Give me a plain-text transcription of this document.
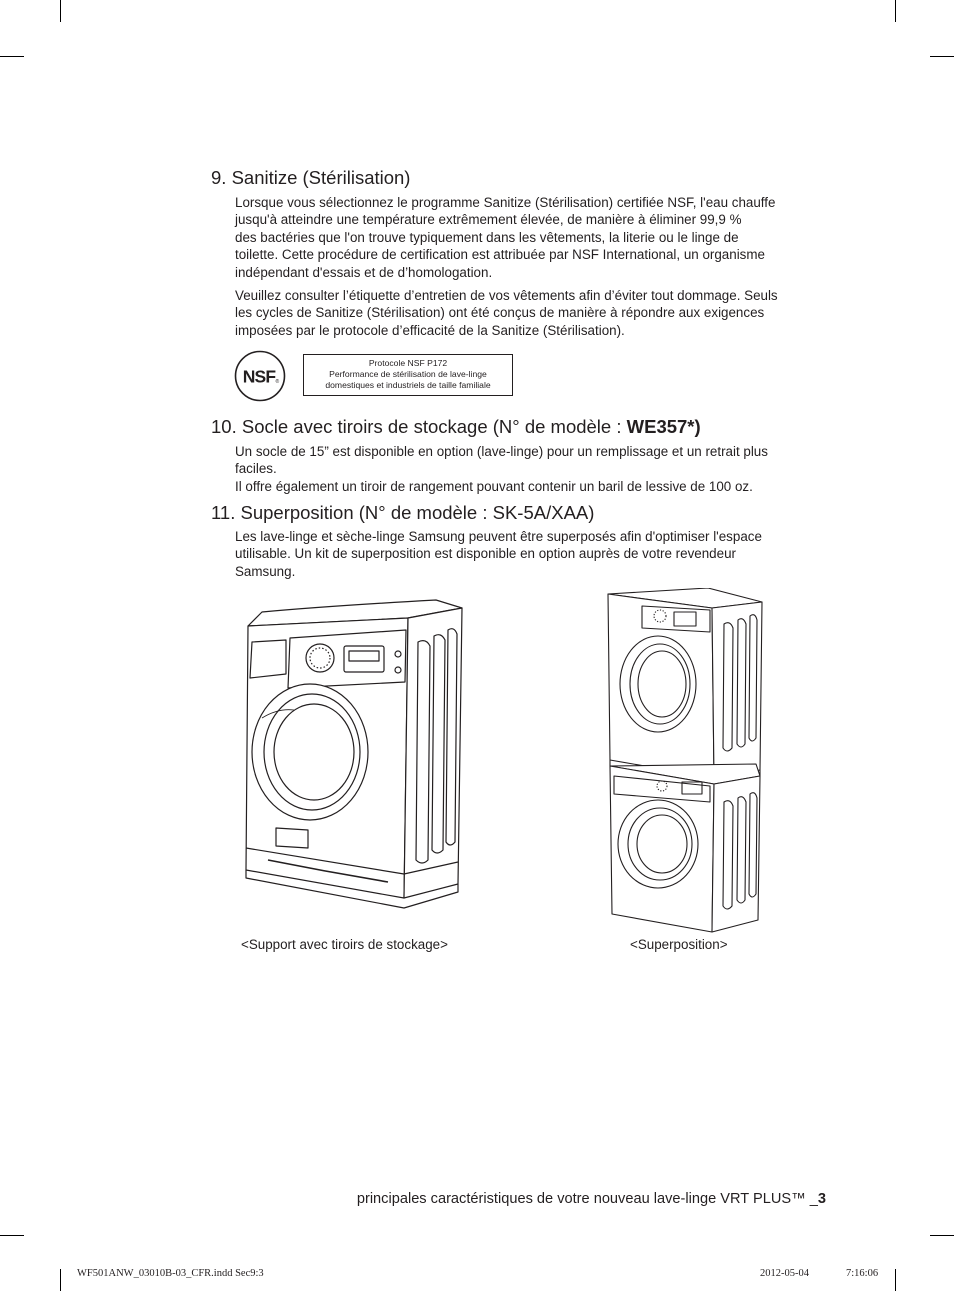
9. Sanitize (Stérilisation)

Lorsque vous sélectionnez le programme Sanitize (Stérilisation) certifiée NSF, l'eau chauffe
jusqu'à atteindre une température extrêmement élevée, de manière à éliminer 99,9 %
des bactéries que l'on trouve typiquement dans les vêtements, la literie ou le linge de
toilette. Cette procédure de certification est attribuée par NSF International, un organisme
indépendant d'essais et de d’homologation.

Veuillez consulter l’étiquette d’entretien de vos vêtements afin d’éviter tout dommage. Seuls
les cycles de Sanitize (Stérilisation) ont été conçus de manière à répondre aux exigences
imposées par le protocole d’efficacité de la Sanitize (Stérilisation).

NSF ®
Protocole NSF P172
Performance de stérilisation de lave-linge
domestiques et industriels de taille familiale
10. Socle avec tiroirs de stockage (N° de modèle : WE357*)

Un socle de 15” est disponible en option (lave-linge) pour un remplissage et un retrait plus
faciles.
Il offre également un tiroir de rangement pouvant contenir un baril de lessive de 100 oz.

11. Superposition (N° de modèle : SK-5A/XAA)

Les lave-linge et sèche-linge Samsung peuvent être superposés afin d'optimiser l'espace
utilisable. Un kit de superposition est disponible en option auprès de votre revendeur
Samsung.

<Support avec tiroirs de stockage>	<Superposition>

principales caractéristiques de votre nouveau lave-linge VRT PLUS™ _3

WF501ANW_03010B-03_CFR.indd Sec9:3	2012-05-04	7:16:06
